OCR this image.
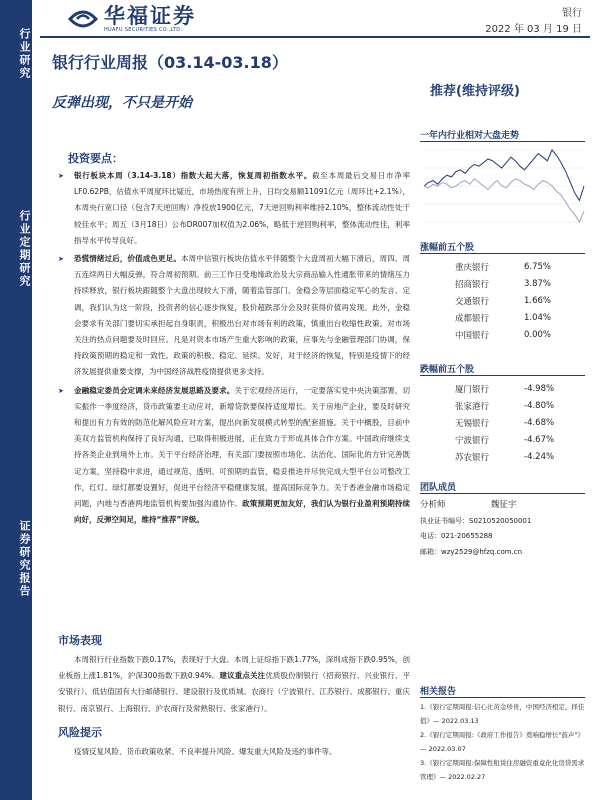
行业研究
行业定期研究
证券研究报告
华福证券
HUAFU SECURITIES CO.,LTD.
银行
2022 年 03 月 19 日
银行行业周报（03.14-03.18）
反弹出现，不只是开始
推荐(维持评级)
一年内行业相对大盘走势
涨幅前五个股
重庆银行	6.75%
招商银行	3.87%
交通银行	1.66%
成都银行	1.04%
中国银行	0.00%
跌幅前五个股
厦门银行	-4.98%
张家港行	-4.80%
无锡银行	-4.68%
宁波银行	-4.67%
苏农银行	-4.24%
团队成员
分析师	魏征宇
执业证书编号：S0210520050001
电话：021-20655288
邮箱：wzy2529@hfzq.com.cn
相关报告
1.《银行定期周报:信心比黄金珍贵，中国经济相定，择佳值》— 2022.03.13
2.《银行定期周报:《政府工作报告》奠响稳增长"鼓声"》— 2022.03.07
3.《银行定期周报:保障性租赁住房融资重竟化化房贷需求管理》— 2022.02.27
投资要点：
➤ 银行板块本周（3.14-3.18）指数大起大落，恢复周初指数水平。截至本周最后交易日市净率LF0.62PB，估值水平周度环比疑近，市场热度有所上升，日均交易额11091亿元（周环比+2.1%），本周央行宽口径（包含7天逆回购）净投放1900亿元，7天逆回购利率维持2.10%，整体流动性处于较佳水平；周五（3月18日）公布DR007加权值为2.06%，略低于逆回购利率，整体流动性佳，利率指导水平传导良好。
➤ 恐慌情绪过后，价值成色更足。本周中信银行板块估值水平伴随整个大盘周初大幅下滑后，周四、周五连续两日大幅反弹，符合周初预期。前三工作日受地缘政治及大宗商品输入性通胀带来的情绪压力持续释放，银行板块跟随整个大盘出现较大下滑，随着监管部门、金稳会等层面稳定军心的发言、定调，我们认为这一阶段，投资者的信心逐步恢复，股价超跌部分会及时获得价值再发现。此外，金稳会要求有关部门要切实承担起自身职责，积极出台对市场有利的政策，慎重出台收缩性政策。对市场关注的热点问题要及时回应。凡是对资本市场产生重大影响的政策，应事先与金融管理部门协调，保持政策预期的稳定和一致性。政策的积极、稳定、延续、发好，对于经济的恢复，特别是疫情下的经济发展提供重要支撑，为中国经济战胜疫情提供更多支持。
➤ 金融稳定委员会定调未来经济发展思路及要求。关于宏观经济运行，一定要落实党中央决策部署，切实振作一季度经济，货币政策要主动应对，新增贷款要保持适度增长。关于房地产企业，要及时研究和提出有力有效的防范化解风险应对方案，提出向新发展模式转型的配套措施。关于中概股，目前中美双方监管机构保持了良好沟通，已取得积极进展，正在致力于形成具体合作方案。中国政府继续支持各类企业到境外上市。关于平台经济治理，有关部门要按照市场化、法治化、国际化的方针完善既定方案，坚持稳中求进，通过规范、透明、可预期的监管，稳妥推进并尽快完成大型平台公司整改工作，红灯、绿灯都要设置好，促进平台经济平稳健康发展，提高国际竞争力。关于香港金融市场稳定问题，内地与香港两地监管机构要加强沟通协作。政策预期更加友好，我们认为银行业盈利预期持续向好，反弹空间足，维持“推荐”评级。
市场表现
本周银行行业指数下跌0.17%，表现好于大盘。本周上证综指下跌1.77%，深圳成指下跌0.95%，创业板指上涨1.81%，沪深300指数下跌0.94%。建议重点关注优质股份制银行（招商银行、兴业银行、平安银行）、低估值国有大行邮储银行、建设银行及优质城、农商行（宁波银行、江苏银行、成都银行、重庆银行、南京银行、上海银行、沪农商行及常熟银行、张家港行）。
风险提示
疫情反复风险、货币政策收紧、不良率提升风险、爆发重大风险及违约事件等。
